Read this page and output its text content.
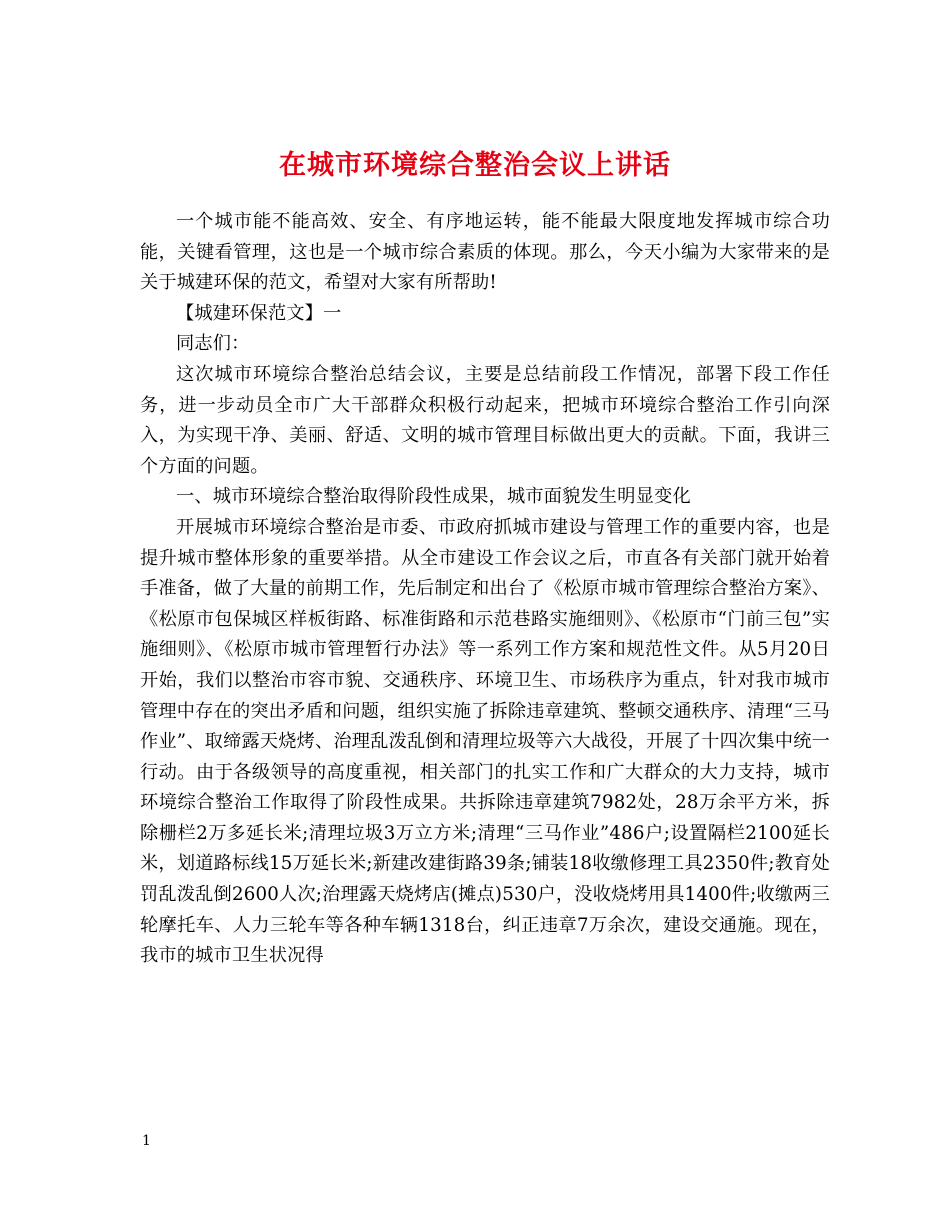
在城市环境综合整治会议上讲话

一个城市能不能高效、安全、有序地运转，能不能最大限度地发挥城市综合功能，关键看管理，这也是一个城市综合素质的体现。那么，今天小编为大家带来的是关于城建环保的范文，希望对大家有所帮助!

【城建环保范文】一

同志们：

这次城市环境综合整治总结会议，主要是总结前段工作情况，部署下段工作任务，进一步动员全市广大干部群众积极行动起来，把城市环境综合整治工作引向深入，为实现干净、美丽、舒适、文明的城市管理目标做出更大的贡献。下面，我讲三个方面的问题。

一、城市环境综合整治取得阶段性成果，城市面貌发生明显变化

开展城市环境综合整治是市委、市政府抓城市建设与管理工作的重要内容，也是提升城市整体形象的重要举措。从全市建设工作会议之后，市直各有关部门就开始着手准备，做了大量的前期工作，先后制定和出台了《松原市城市管理综合整治方案》、《松原市包保城区样板街路、标准街路和示范巷路实施细则》、《松原市“门前三包”实施细则》、《松原市城市管理暂行办法》等一系列工作方案和规范性文件。从5月20日开始，我们以整治市容市貌、交通秩序、环境卫生、市场秩序为重点，针对我市城市管理中存在的突出矛盾和问题，组织实施了拆除违章建筑、整顿交通秩序、清理“三马作业”、取缔露天烧烤、治理乱泼乱倒和清理垃圾等六大战役，开展了十四次集中统一行动。由于各级领导的高度重视，相关部门的扎实工作和广大群众的大力支持，城市环境综合整治工作取得了阶段性成果。共拆除违章建筑7982处，28万余平方米，拆除栅栏2万多延长米;清理垃圾3万立方米;清理“三马作业”486户;设置隔栏2100延长米，划道路标线15万延长米;新建改建街路39条;铺装18收缴修理工具2350件;教育处罚乱泼乱倒2600人次;治理露天烧烤店(摊点)530户，没收烧烤用具1400件;收缴两三轮摩托车、人力三轮车等各种车辆1318台，纠正违章7万余次，建设交通施。现在，我市的城市卫生状况得

1
